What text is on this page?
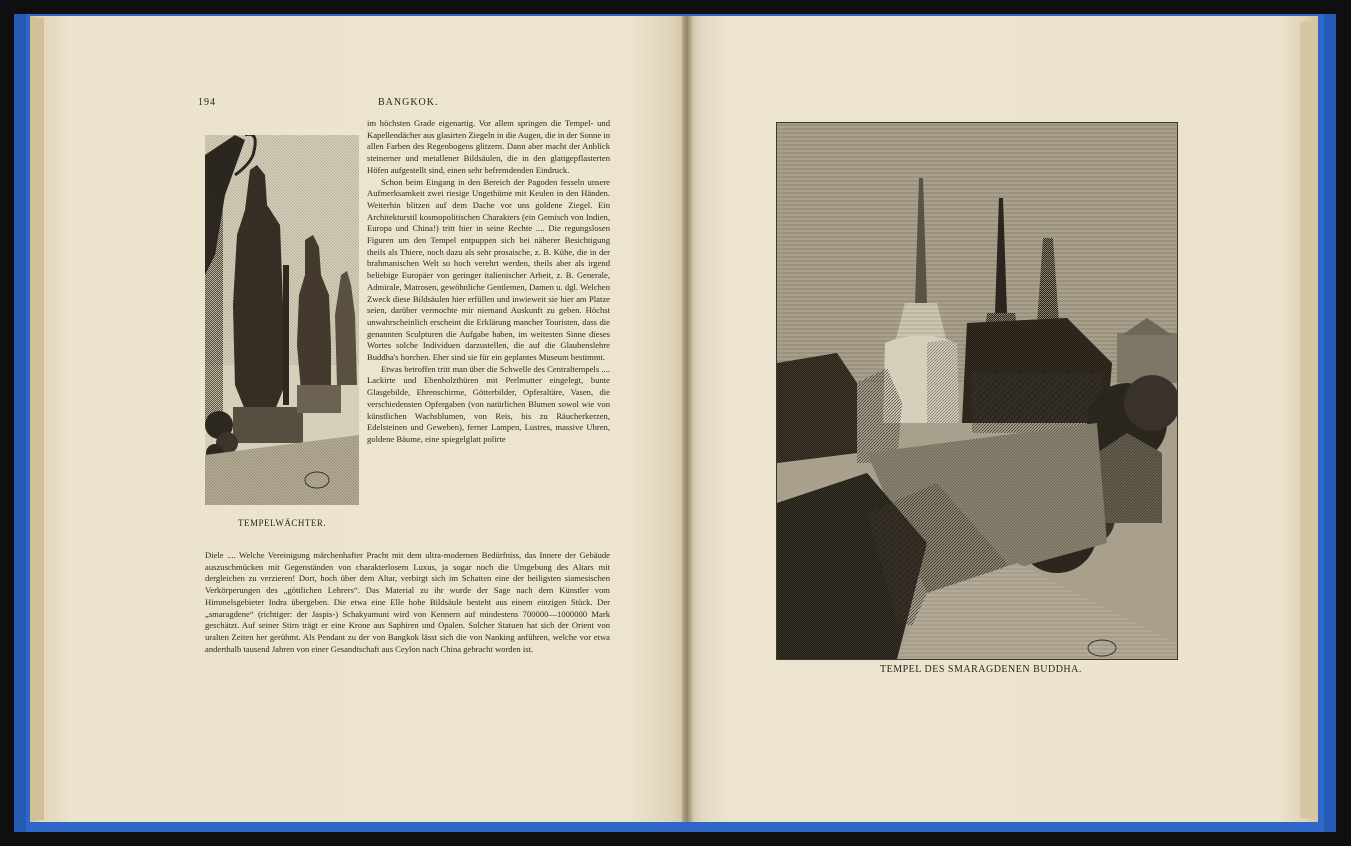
194	BANGKOK.
TEMPELWÄCHTER.
im höchsten Grade eigenartig. Vor allem springen die Tempel- und Kapellendächer aus glasirten Ziegeln in die Augen, die in der Sonne in allen Farben des Regenbogens glitzern. Dann aber macht der Anblick steinerner und metallener Bildsäulen, die in den glattgepflasterten Höfen aufgestellt sind, einen sehr befremdenden Eindruck.
Schon beim Eingang in den Bereich der Pagoden fesseln unsere Aufmerksamkeit zwei riesige Ungethüme mit Keulen in den Händen. Weiterhin blitzen auf dem Dache vor uns goldene Ziegel. Ein Architekturstil kosmopolitischen Charakters (ein Gemisch von Indien, Europa und China!) tritt hier in seine Rechte .... Die regungslosen Figuren um den Tempel entpuppen sich bei näherer Besichtigung theils als Thiere, noch dazu als sehr prosaische, z. B. Kühe, die in der brahmanischen Welt so hoch verehrt werden, theils aber als irgend beliebige Europäer von geringer italienischer Arbeit, z. B. Generale, Admirale, Matrosen, gewöhnliche Gentlemen, Damen u. dgl. Welchen Zweck diese Bildsäulen hier erfüllen und inwieweit sie hier am Platze seien, darüber vermochte mir niemand Auskunft zu geben. Höchst unwahrscheinlich erscheint die Erklärung mancher Touristen, dass die genannten Sculpturen die Aufgabe haben, im weitesten Sinne dieses Wortes solche Individuen darzustellen, die auf die Glaubenslehre Buddha's horchen. Eher sind sie für ein geplantes Museum bestimmt.
Etwas betroffen tritt man über die Schwelle des Centraltempels .... Lackirte und Ebenholzthüren mit Perlmutter eingelegt, bunte Glasgebilde, Ehrenschirme, Götterbilder, Opferaltäre, Vasen, die verschiedensten Opfergaben (von natürlichen Blumen sowol wie von künstlichen Wachsblumen, von Reis, bis zu Räucherkerzen, Edelsteinen und Geweben), ferner Lampen, Lustres, massive Uhren, goldene Bäume, eine spiegelglatt polirte
Diele .... Welche Vereinigung märchenhafter Pracht mit dem ultra-modernen Bedürfniss, das Innere der Gebäude auszuschmücken mit Gegenständen von charakterlosem Luxus, ja sogar noch die Umgebung des Altars mit dergleichen zu verzieren! Dort, hoch über dem Altar, verbirgt sich im Schatten eine der heiligsten siamesischen Verkörperungen des „göttlichen Lehrers“. Das Material zu ihr wurde der Sage nach dem Künstler vom Himmelsgebieter Indra übergeben. Die etwa eine Elle hohe Bildsäule besteht aus einem einzigen Stück. Der „smaragdene“ (richtiger: der Jaspis-) Schakyamuni wird von Kennern auf mindestens 700000—1000000 Mark geschätzt. Auf seiner Stirn trägt er eine Krone aus Saphiren und Opalen. Solcher Statuen hat sich der Orient von uralten Zeiten her gerühmt. Als Pendant zu der von Bangkok lässt sich die von Nanking anführen, welche vor etwa anderthalb tausend Jahren von einer Gesandtschaft aus Ceylon nach China gebracht worden ist.
TEMPEL DES SMARAGDENEN BUDDHA.
